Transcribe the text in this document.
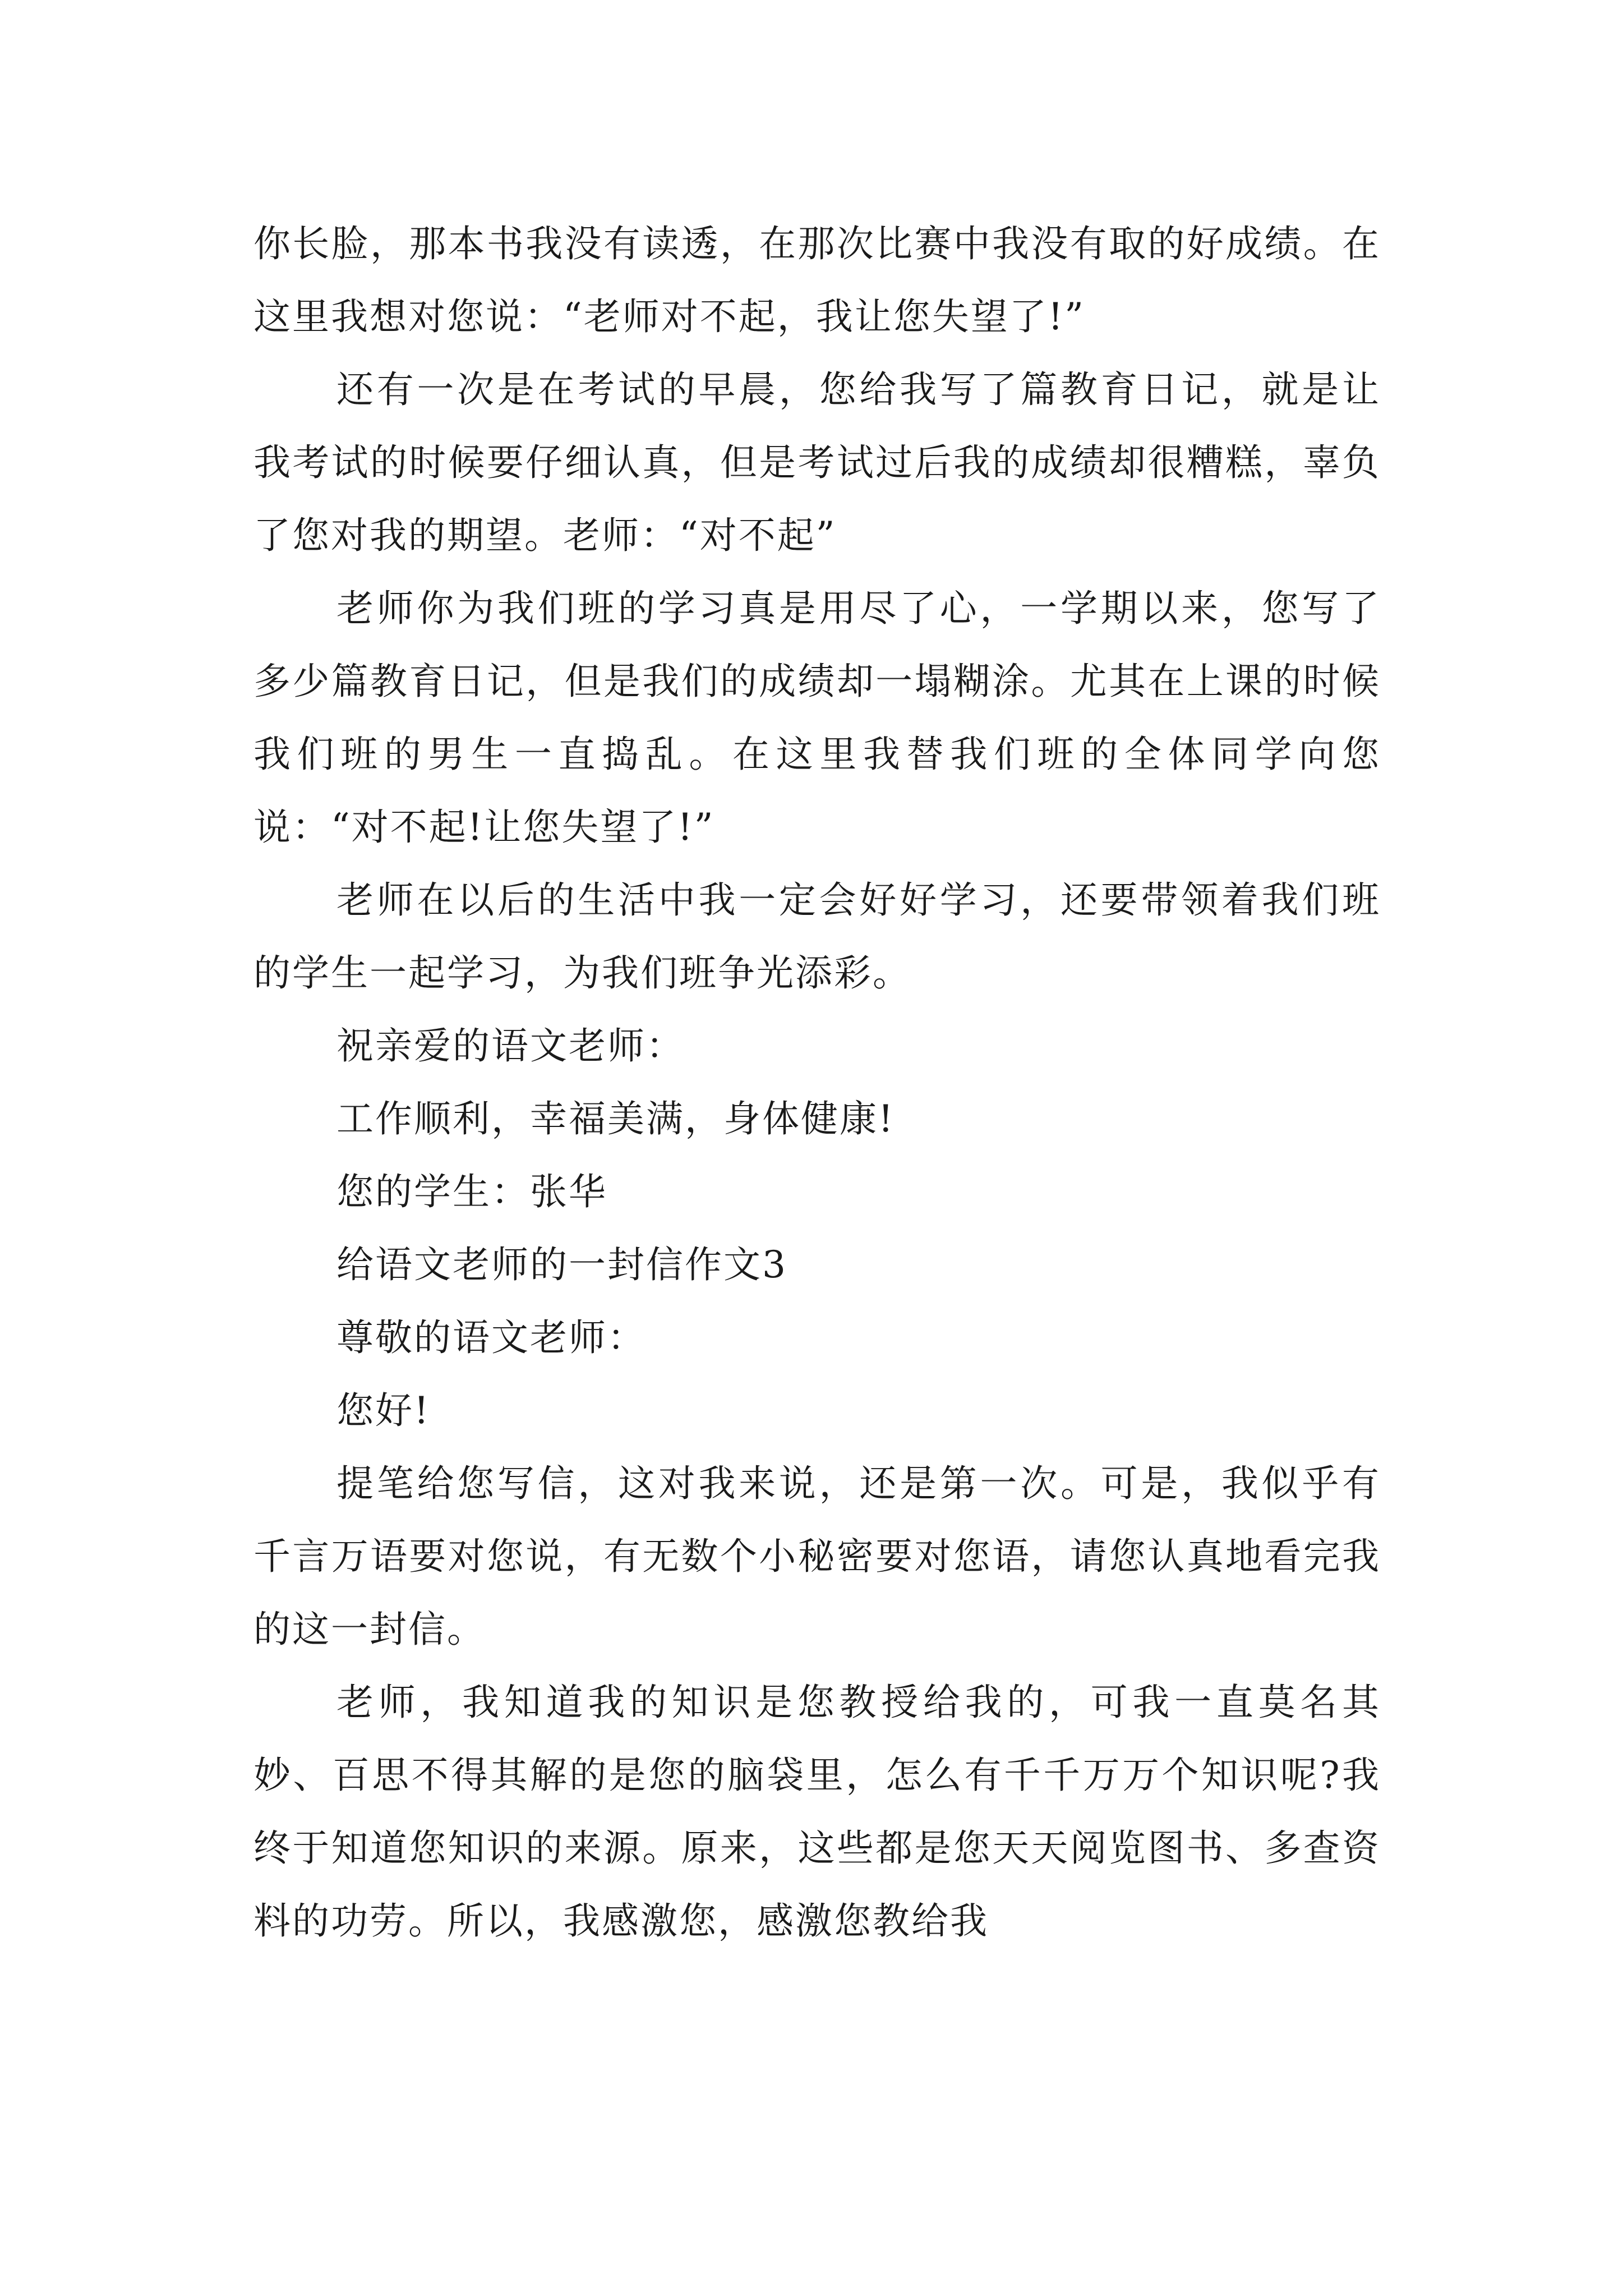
你长脸，那本书我没有读透，在那次比赛中我没有取的好成绩。在这里我想对您说：“老师对不起，我让您失望了!”

还有一次是在考试的早晨，您给我写了篇教育日记，就是让我考试的时候要仔细认真，但是考试过后我的成绩却很糟糕，辜负了您对我的期望。老师：“对不起”

老师你为我们班的学习真是用尽了心，一学期以来，您写了多少篇教育日记，但是我们的成绩却一塌糊涂。尤其在上课的时候我们班的男生一直捣乱。在这里我替我们班的全体同学向您说：“对不起!让您失望了!”

老师在以后的生活中我一定会好好学习，还要带领着我们班的学生一起学习，为我们班争光添彩。

祝亲爱的语文老师：

工作顺利，幸福美满，身体健康!

您的学生：张华

给语文老师的一封信作文3

尊敬的语文老师：

您好!

提笔给您写信，这对我来说，还是第一次。可是，我似乎有千言万语要对您说，有无数个小秘密要对您语，请您认真地看完我的这一封信。

老师，我知道我的知识是您教授给我的，可我一直莫名其妙、百思不得其解的是您的脑袋里，怎么有千千万万个知识呢?我终于知道您知识的来源。原来，这些都是您天天阅览图书、多查资料的功劳。所以，我感激您，感激您教给我
